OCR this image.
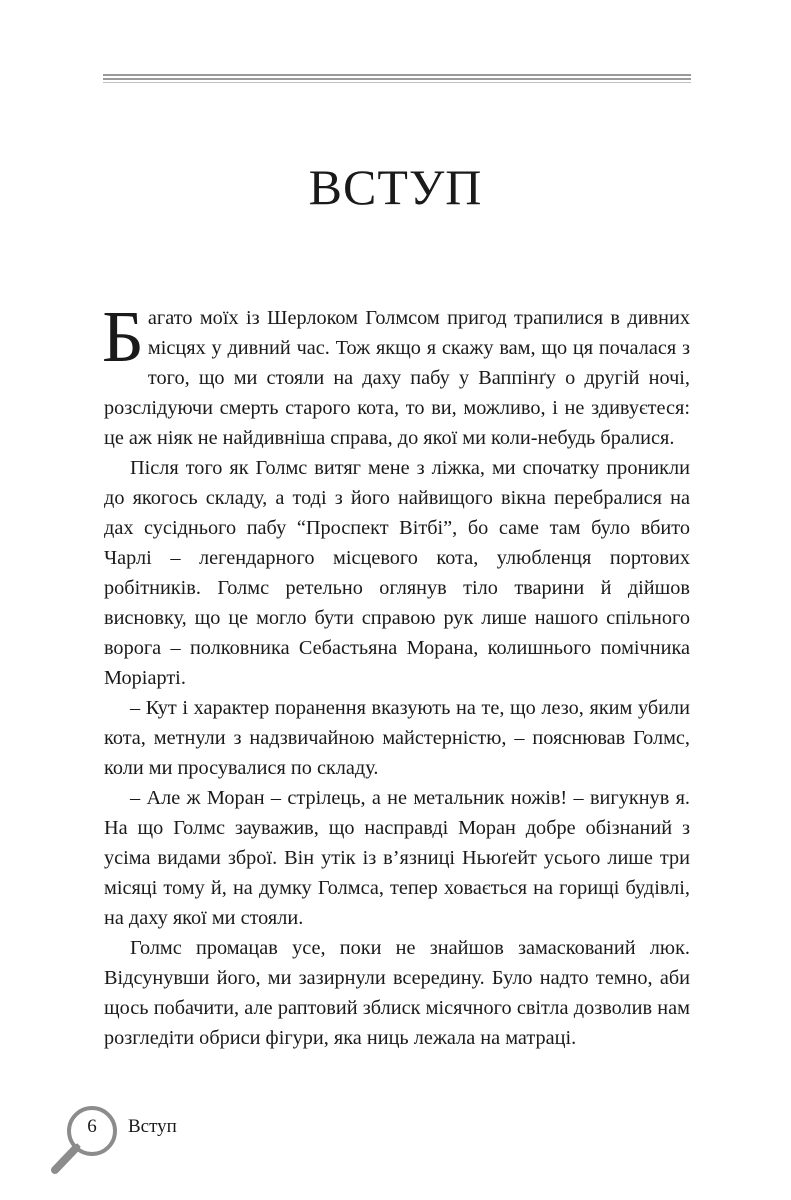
ВСТУП

Багато моїх із Шерлоком Голмсом пригод трапилися в дивних місцях у дивний час. Тож якщо я скажу вам, що ця почалася з того, що ми стояли на даху пабу у Ваппінґу о другій ночі, розслідуючи смерть старого кота, то ви, можливо, і не здивуєтеся: це аж ніяк не найдивніша справа, до якої ми коли-небудь бралися.

Після того як Голмс витяг мене з ліжка, ми спочатку проникли до якогось складу, а тоді з його найвищого вікна перебралися на дах сусіднього пабу “Проспект Вітбі”, бо саме там було вбито Чарлі – легендарного місцевого кота, улюбленця портових робітників. Голмс ретельно оглянув тіло тварини й дійшов висновку, що це могло бути справою рук лише нашого спільного ворога – полковника Себастьяна Морана, колишнього помічника Моріарті.

– Кут і характер поранення вказують на те, що лезо, яким убили кота, метнули з надзвичайною майстерністю, – пояснював Голмс, коли ми просувалися по складу.

– Але ж Моран – стрілець, а не метальник ножів! – вигукнув я. На що Голмс зауважив, що насправді Моран добре обізнаний з усіма видами зброї. Він утік із в’язниці Ньюґейт усього лише три місяці тому й, на думку Голмса, тепер ховається на горищі будівлі, на даху якої ми стояли.

Голмс промацав усе, поки не знайшов замаскований люк. Відсунувши його, ми зазирнули всередину. Було надто темно, аби щось побачити, але раптовий зблиск місячного світла дозволив нам розгледіти обриси фігури, яка ниць лежала на матраці.

6	Вступ
